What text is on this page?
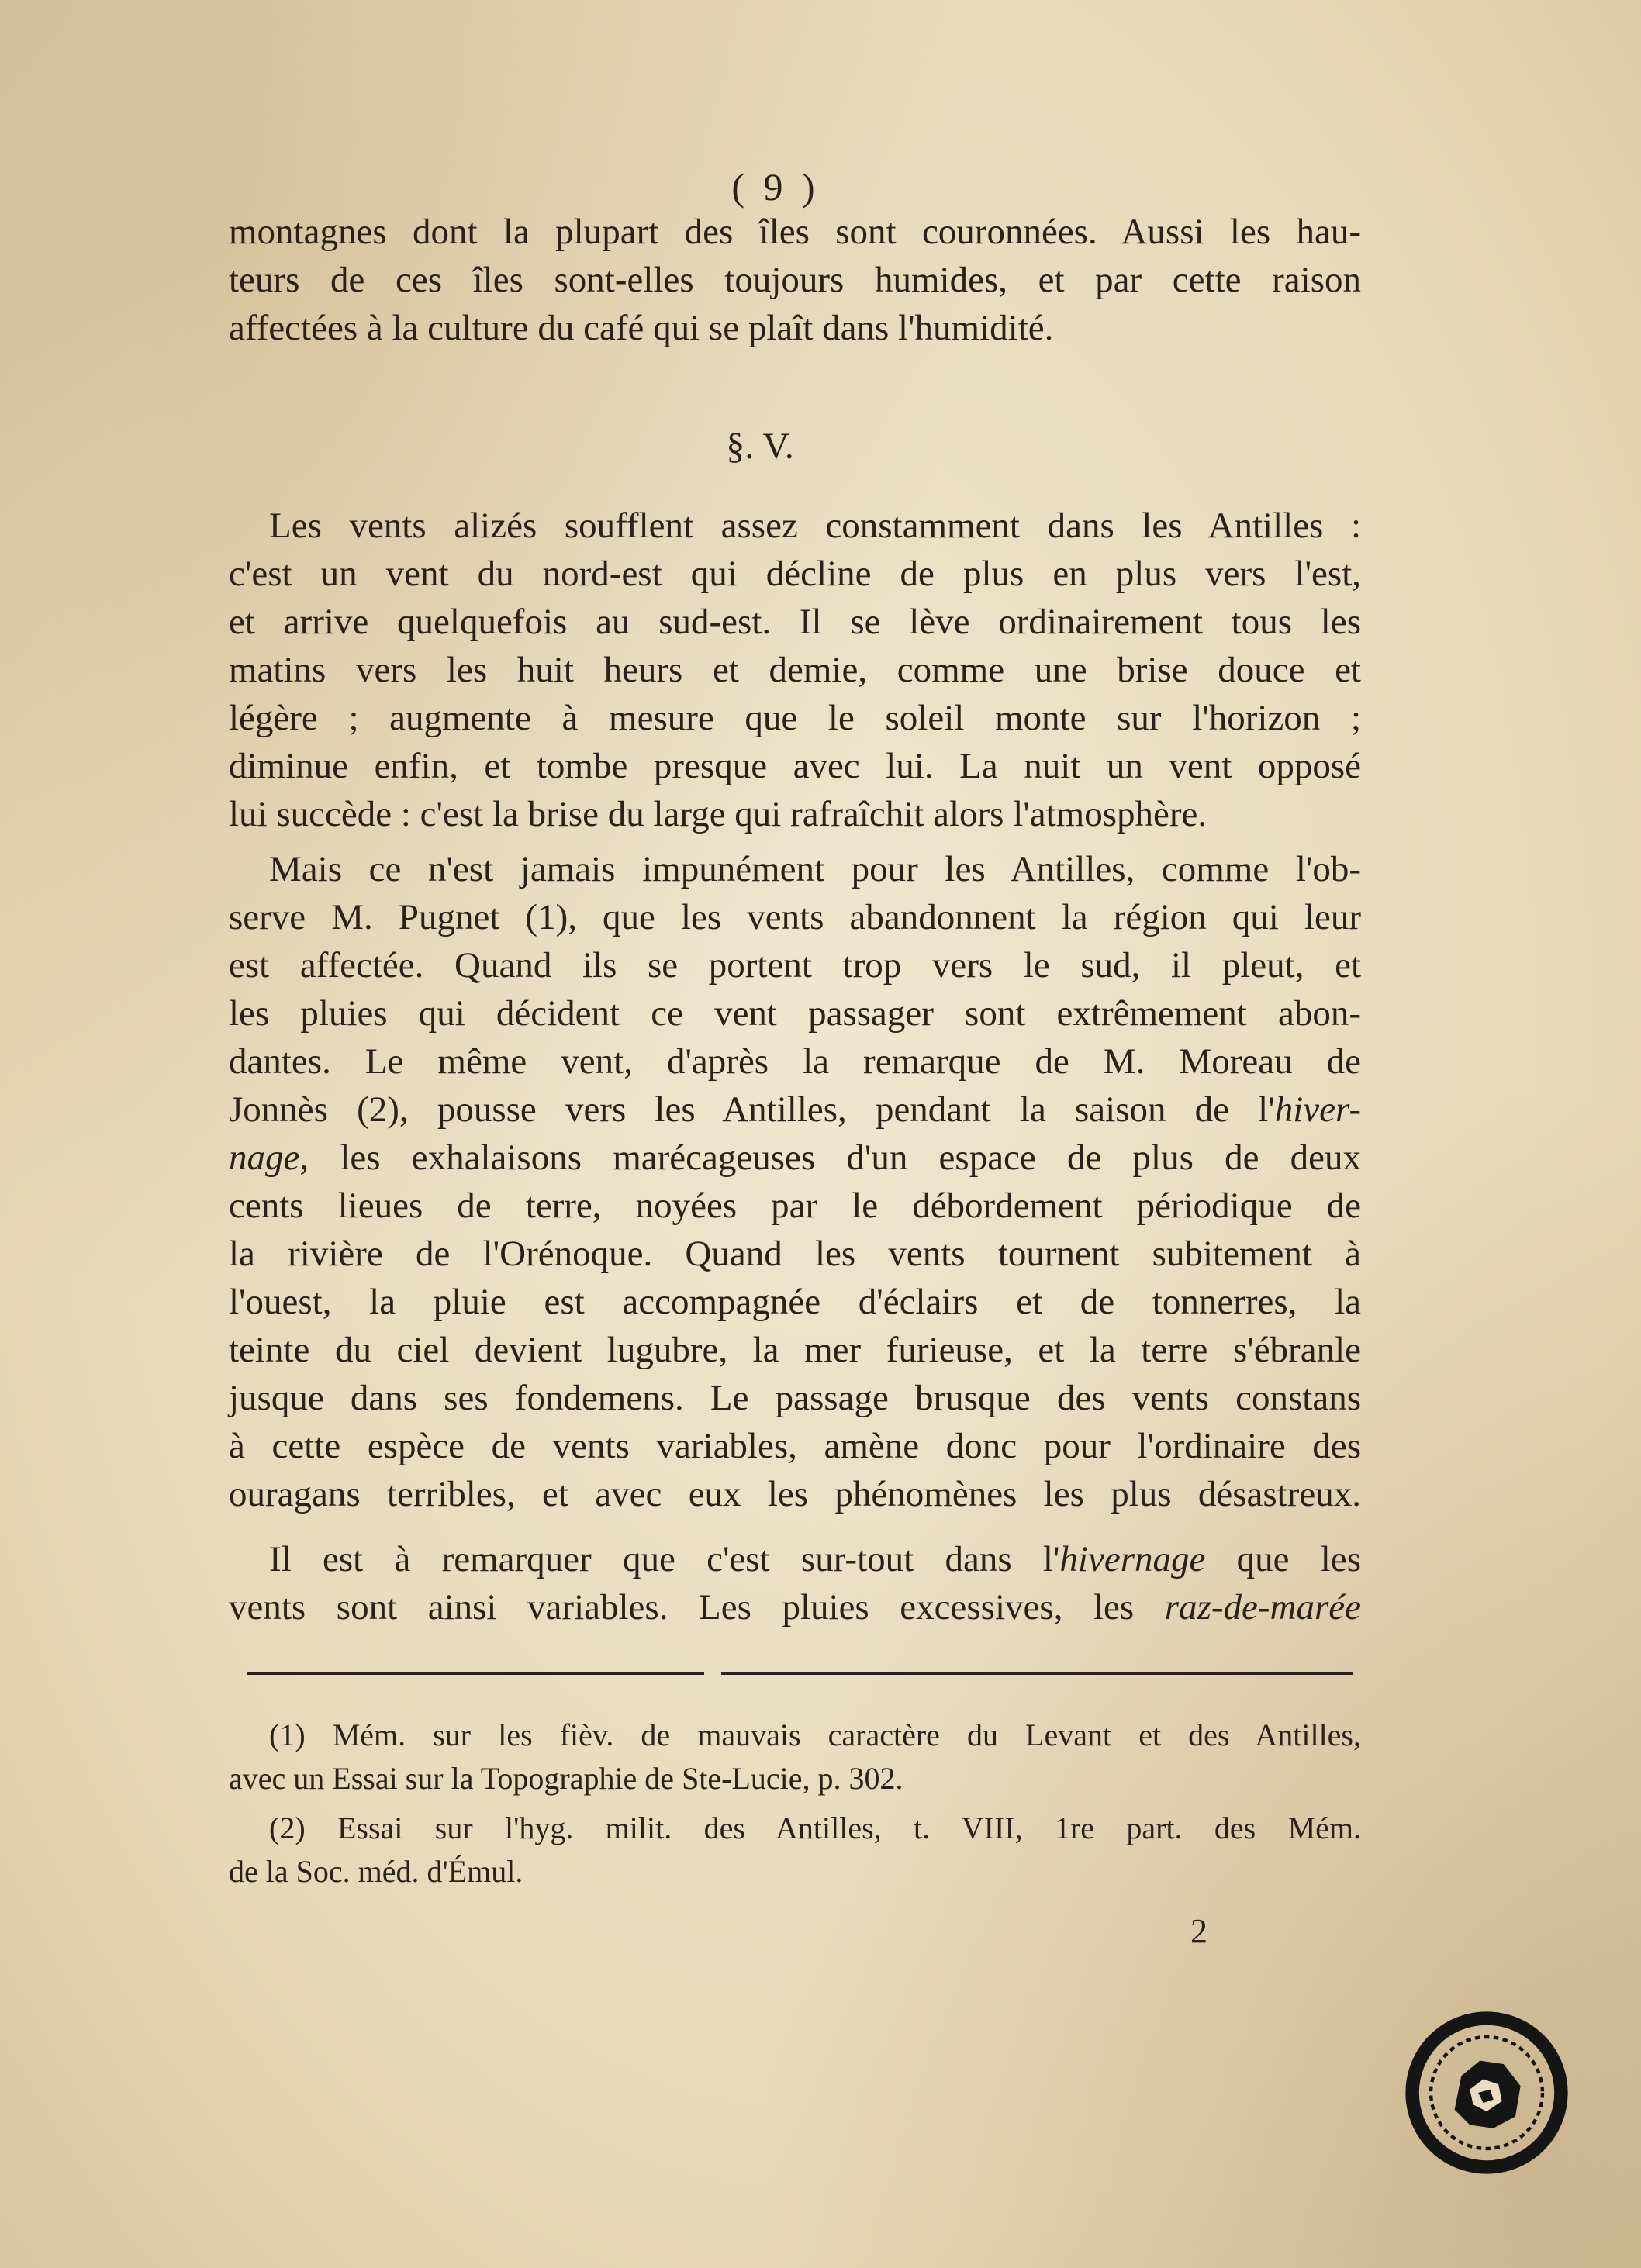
( 9 )
montagnes dont la plupart des îles sont couronnées. Aussi les hau-
teurs de ces îles sont-elles toujours humides, et par cette raison
affectées à la culture du café qui se plaît dans l'humidité.
Les vents alizés soufflent assez constamment dans les Antilles :
c'est un vent du nord-est qui décline de plus en plus vers l'est,
et arrive quelquefois au sud-est. Il se lève ordinairement tous les
matins vers les huit heurs et demie, comme une brise douce et
légère ; augmente à mesure que le soleil monte sur l'horizon ;
diminue enfin, et tombe presque avec lui. La nuit un vent opposé
lui succède : c'est la brise du large qui rafraîchit alors l'atmosphère.
Mais ce n'est jamais impunément pour les Antilles, comme l'ob-
serve M. Pugnet (1), que les vents abandonnent la région qui leur
est affectée. Quand ils se portent trop vers le sud, il pleut, et
les pluies qui décident ce vent passager sont extrêmement abon-
dantes. Le même vent, d'après la remarque de M. Moreau de
Jonnès (2), pousse vers les Antilles, pendant la saison de l'hiver-
nage, les exhalaisons marécageuses d'un espace de plus de deux
cents lieues de terre, noyées par le débordement périodique de
la rivière de l'Orénoque. Quand les vents tournent subitement à
l'ouest, la pluie est accompagnée d'éclairs et de tonnerres, la
teinte du ciel devient lugubre, la mer furieuse, et la terre s'ébranle
jusque dans ses fondemens. Le passage brusque des vents constans
à cette espèce de vents variables, amène donc pour l'ordinaire des
ouragans terribles, et avec eux les phénomènes les plus désastreux.
Il est à remarquer que c'est sur-tout dans l'hivernage que les
vents sont ainsi variables. Les pluies excessives, les raz-de-marée
(1) Mém. sur les fièv. de mauvais caractère du Levant et des Antilles,
avec un Essai sur la Topographie de Ste-Lucie, p. 302.
(2) Essai sur l'hyg. milit. des Antilles, t. VIII, 1re part. des Mém.
de la Soc. méd. d'Émul.
§. V.
2
